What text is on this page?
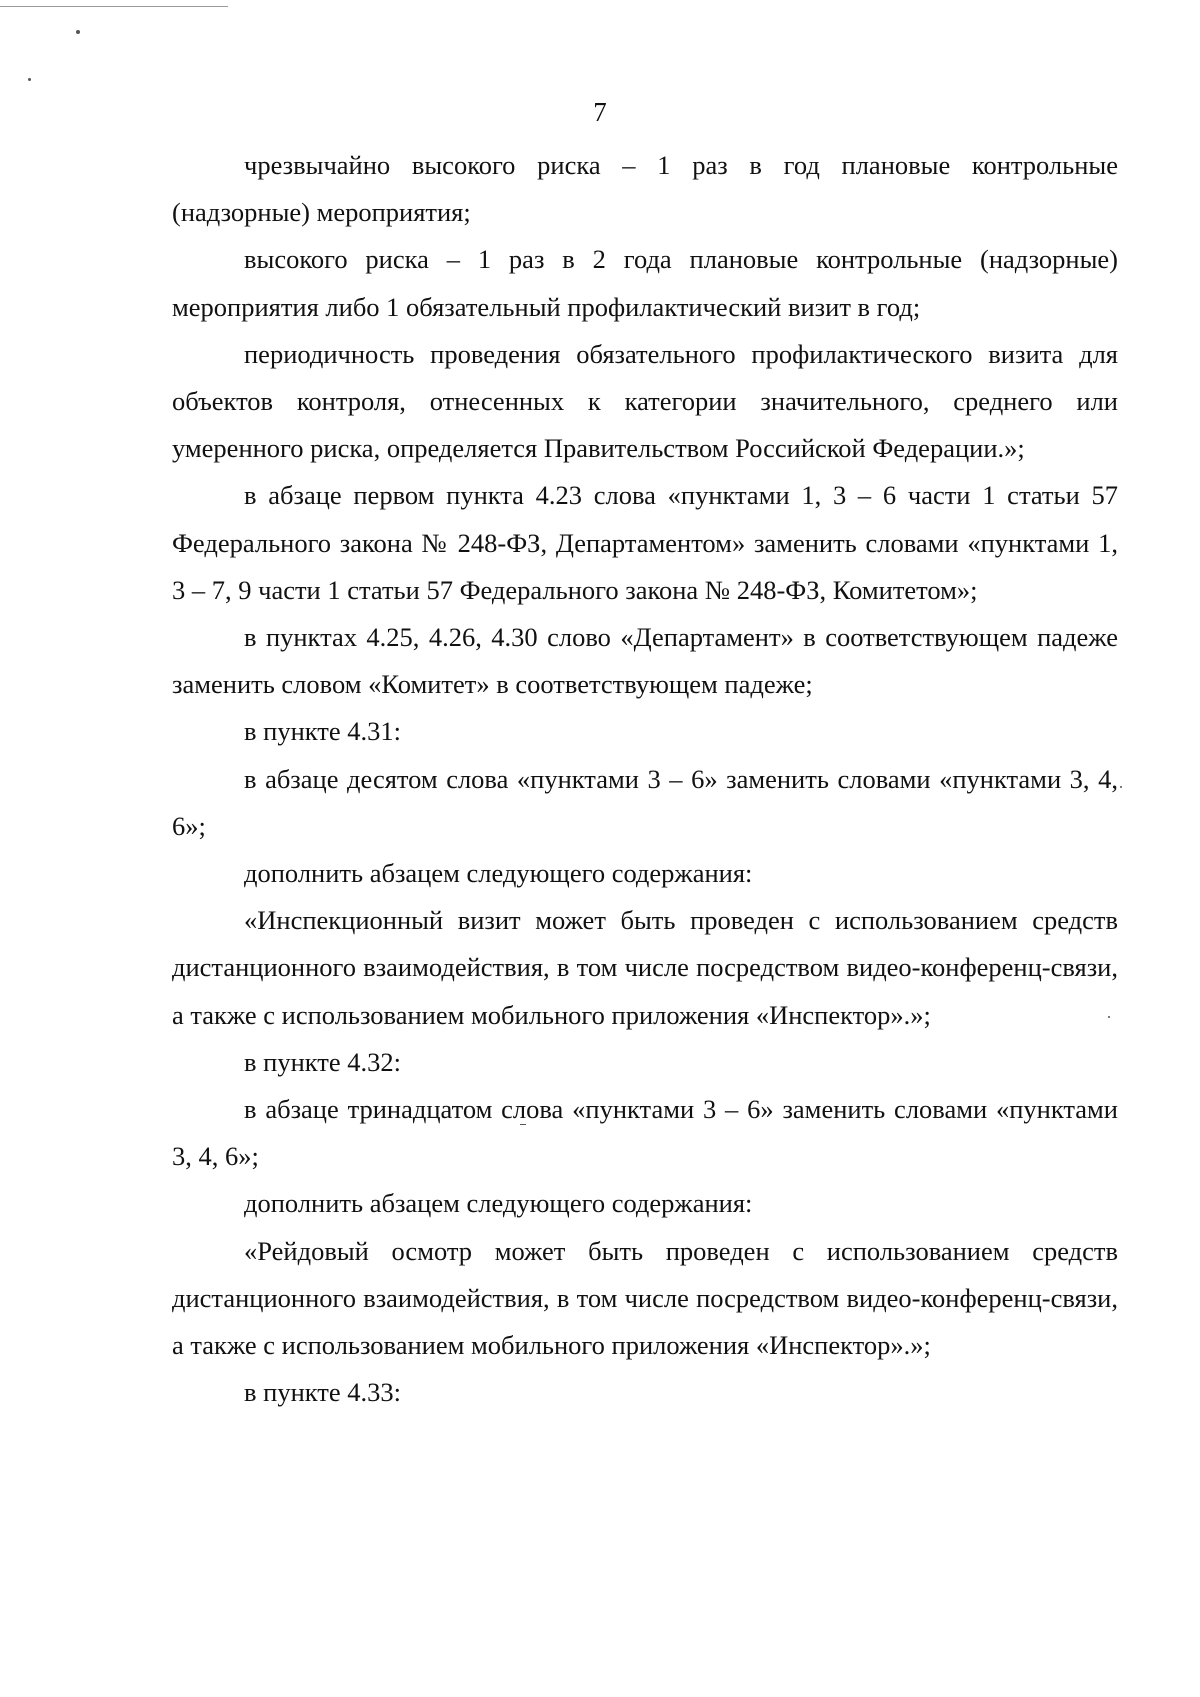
7

чрезвычайно высокого риска – 1 раз в год плановые контрольные (надзорные) мероприятия;

высокого риска – 1 раз в 2 года плановые контрольные (надзорные) мероприятия либо 1 обязательный профилактический визит в год;

периодичность проведения обязательного профилактического визита для объектов контроля, отнесенных к категории значительного, среднего или умеренного риска, определяется Правительством Российской Федерации.»;

в абзаце первом пункта 4.23 слова «пунктами 1, 3 – 6 части 1 статьи 57 Федерального закона № 248-ФЗ, Департаментом» заменить словами «пунктами 1, 3 – 7, 9 части 1 статьи 57 Федерального закона № 248-ФЗ, Комитетом»;

в пунктах 4.25, 4.26, 4.30 слово «Департамент» в соответствующем падеже заменить словом «Комитет» в соответствующем падеже;

в пункте 4.31:

в абзаце десятом слова «пунктами 3 – 6» заменить словами «пунктами 3, 4, 6»;

дополнить абзацем следующего содержания:

«Инспекционный визит может быть проведен с использованием средств дистанционного взаимодействия, в том числе посредством видео-конференц-связи, а также с использованием мобильного приложения «Инспектор».»;

в пункте 4.32:

в абзаце тринадцатом слова «пунктами 3 – 6» заменить словами «пунктами 3, 4, 6»;

дополнить абзацем следующего содержания:

«Рейдовый осмотр может быть проведен с использованием средств дистанционного взаимодействия, в том числе посредством видео-конференц-связи, а также с использованием мобильного приложения «Инспектор».»;

в пункте 4.33:
